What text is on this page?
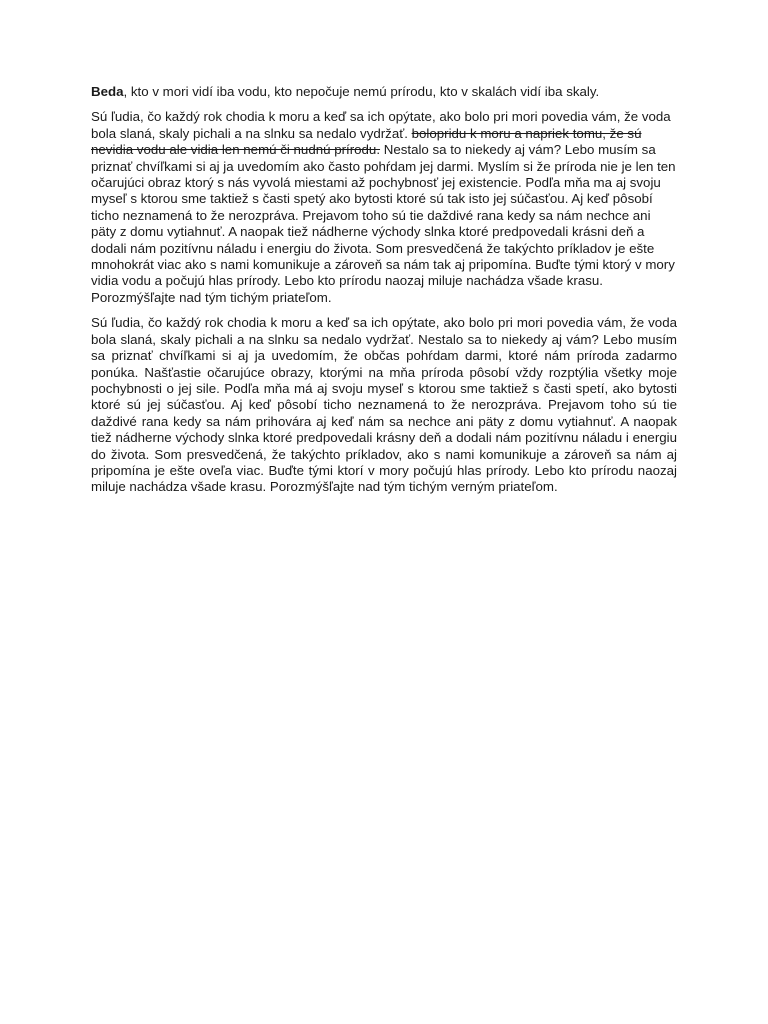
Beda, kto v mori vidí iba vodu, kto nepočuje nemú prírodu, kto v skalách vidí iba skaly.

Sú ľudia, čo každý rok chodia k moru a keď sa ich opýtate, ako bolo pri mori povedia vám, že voda bola slaná, skaly pichali a na slnku sa nedalo vydržať. bolopridu k moru a napriek tomu, že sú nevidia vodu ale vidia len nemú či nudnú prírodu. Nestalo sa to niekedy aj vám? Lebo musím sa priznať chvíľkami si aj ja uvedomím ako často pohŕdam jej darmi. Myslím si že príroda nie je len ten očarujúci obraz ktorý s nás vyvolá miestami až pochybnosť jej existencie. Podľa mňa ma aj svoju myseľ s ktorou sme taktiež s časti spetý ako bytosti ktoré sú tak isto jej súčasťou. Aj keď pôsobí ticho neznamená to že nerozpráva. Prejavom toho sú tie daždivé rana kedy sa nám nechce ani päty z domu vytiahnuť. A naopak tiež nádherne východy slnka ktoré predpovedali krásni deň a dodali nám pozitívnu náladu i energiu do života. Som presvedčená že takýchto príkladov je ešte mnohokrát viac ako s nami komunikuje a zároveň sa nám tak aj pripomína. Buďte tými ktorý v mory vidia vodu a počujú hlas prírody. Lebo kto prírodu naozaj miluje nachádza všade krasu. Porozmýšľajte nad tým tichým priateľom.

Sú ľudia, čo každý rok chodia k moru a keď sa ich opýtate, ako bolo pri mori povedia vám, že voda bola slaná, skaly pichali a na slnku sa nedalo vydržať. Nestalo sa to niekedy aj vám? Lebo musím sa priznať chvíľkami si aj ja uvedomím, že občas pohŕdam darmi, ktoré nám príroda zadarmo ponúka. Našťastie očarujúce obrazy, ktorými na mňa príroda pôsobí vždy rozptýlia všetky moje pochybnosti o jej sile. Podľa mňa má aj svoju myseľ s ktorou sme taktiež s časti spetí, ako bytosti ktoré sú jej súčasťou. Aj keď pôsobí ticho neznamená to že nerozpráva. Prejavom toho sú tie daždivé rana kedy sa nám prihovára aj keď nám sa nechce ani päty z domu vytiahnuť. A naopak tiež nádherne východy slnka ktoré predpovedali krásny deň a dodali nám pozitívnu náladu i energiu do života. Som presvedčená, že takýchto príkladov, ako s nami komunikuje a zároveň sa nám aj pripomína je ešte oveľa viac. Buďte tými ktorí v mory počujú hlas prírody. Lebo kto prírodu naozaj miluje nachádza všade krasu. Porozmýšľajte nad tým tichým verným priateľom.
